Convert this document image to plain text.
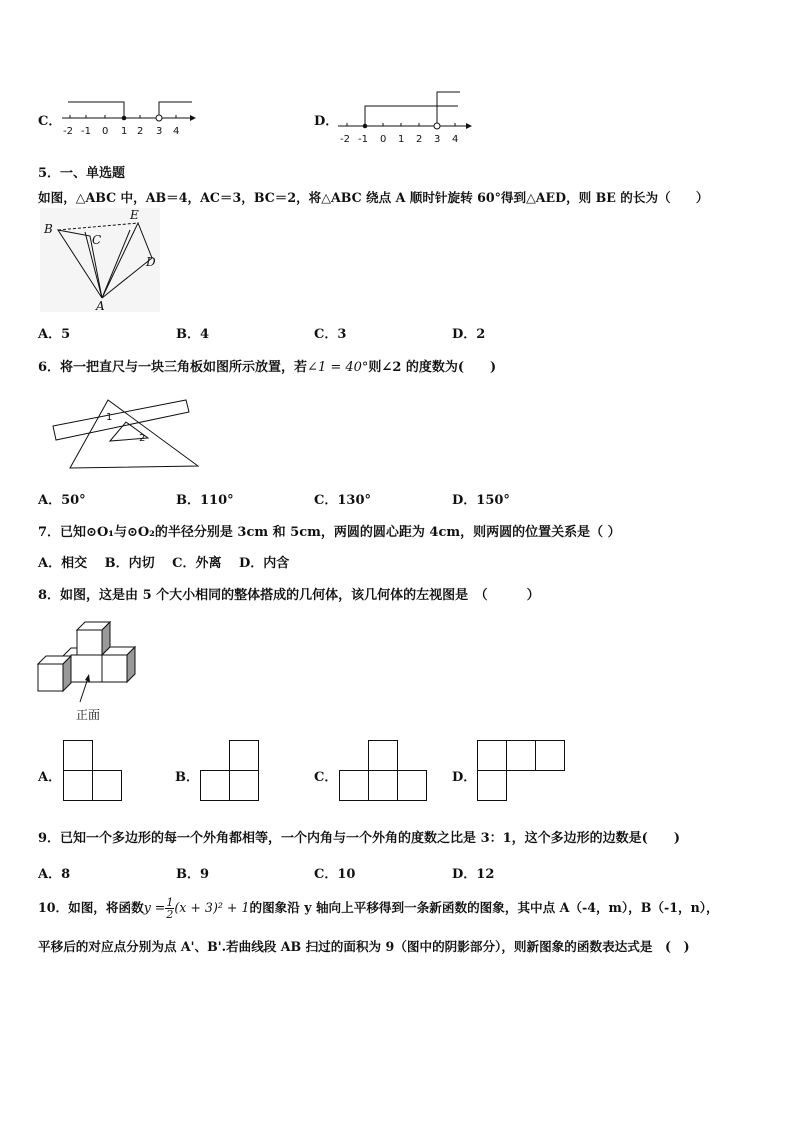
C．
-2 -1 0 1 2 3 4
D．
-2 -1 0 1 2 3 4
5．一、单选题
如图，△ABC 中，AB＝4，AC＝3，BC＝2，将△ABC 绕点 A 顺时针旋转 60°得到△AED，则 BE 的长为（　　）
B
C
E
D
A
A．5	B．4	C．3	D．2
6．将一把直尺与一块三角板如图所示放置，若∠1 = 40°则∠2 的度数为(　　)
1
2
A．50°	B．110°	C．130°	D．150°
7．已知⊙O₁与⊙O₂的半径分别是 3cm 和 5cm，两圆的圆心距为 4cm，则两圆的位置关系是（ ）
A．相交　 B．内切　 C．外离　 D．内含
8．如图，这是由 5 个大小相同的整体搭成的几何体，该几何体的左视图是　（　　　）
正面
A．	B．	C．	D．
9．已知一个多边形的每一个外角都相等，一个内角与一个外角的度数之比是 3：1，这个多边形的边数是(　　)
A．8	B．9	C．10	D．12
10．如图，将函数$y = \frac{1}{2} (x + 3)^2 + 1$的图象沿 y 轴向上平移得到一条新函数的图象，其中点 A（-4，m），B（-1，n），
平移后的对应点分别为点 A'、B'.若曲线段 AB 扫过的面积为 9（图中的阴影部分），则新图象的函数表达式是　(　)
